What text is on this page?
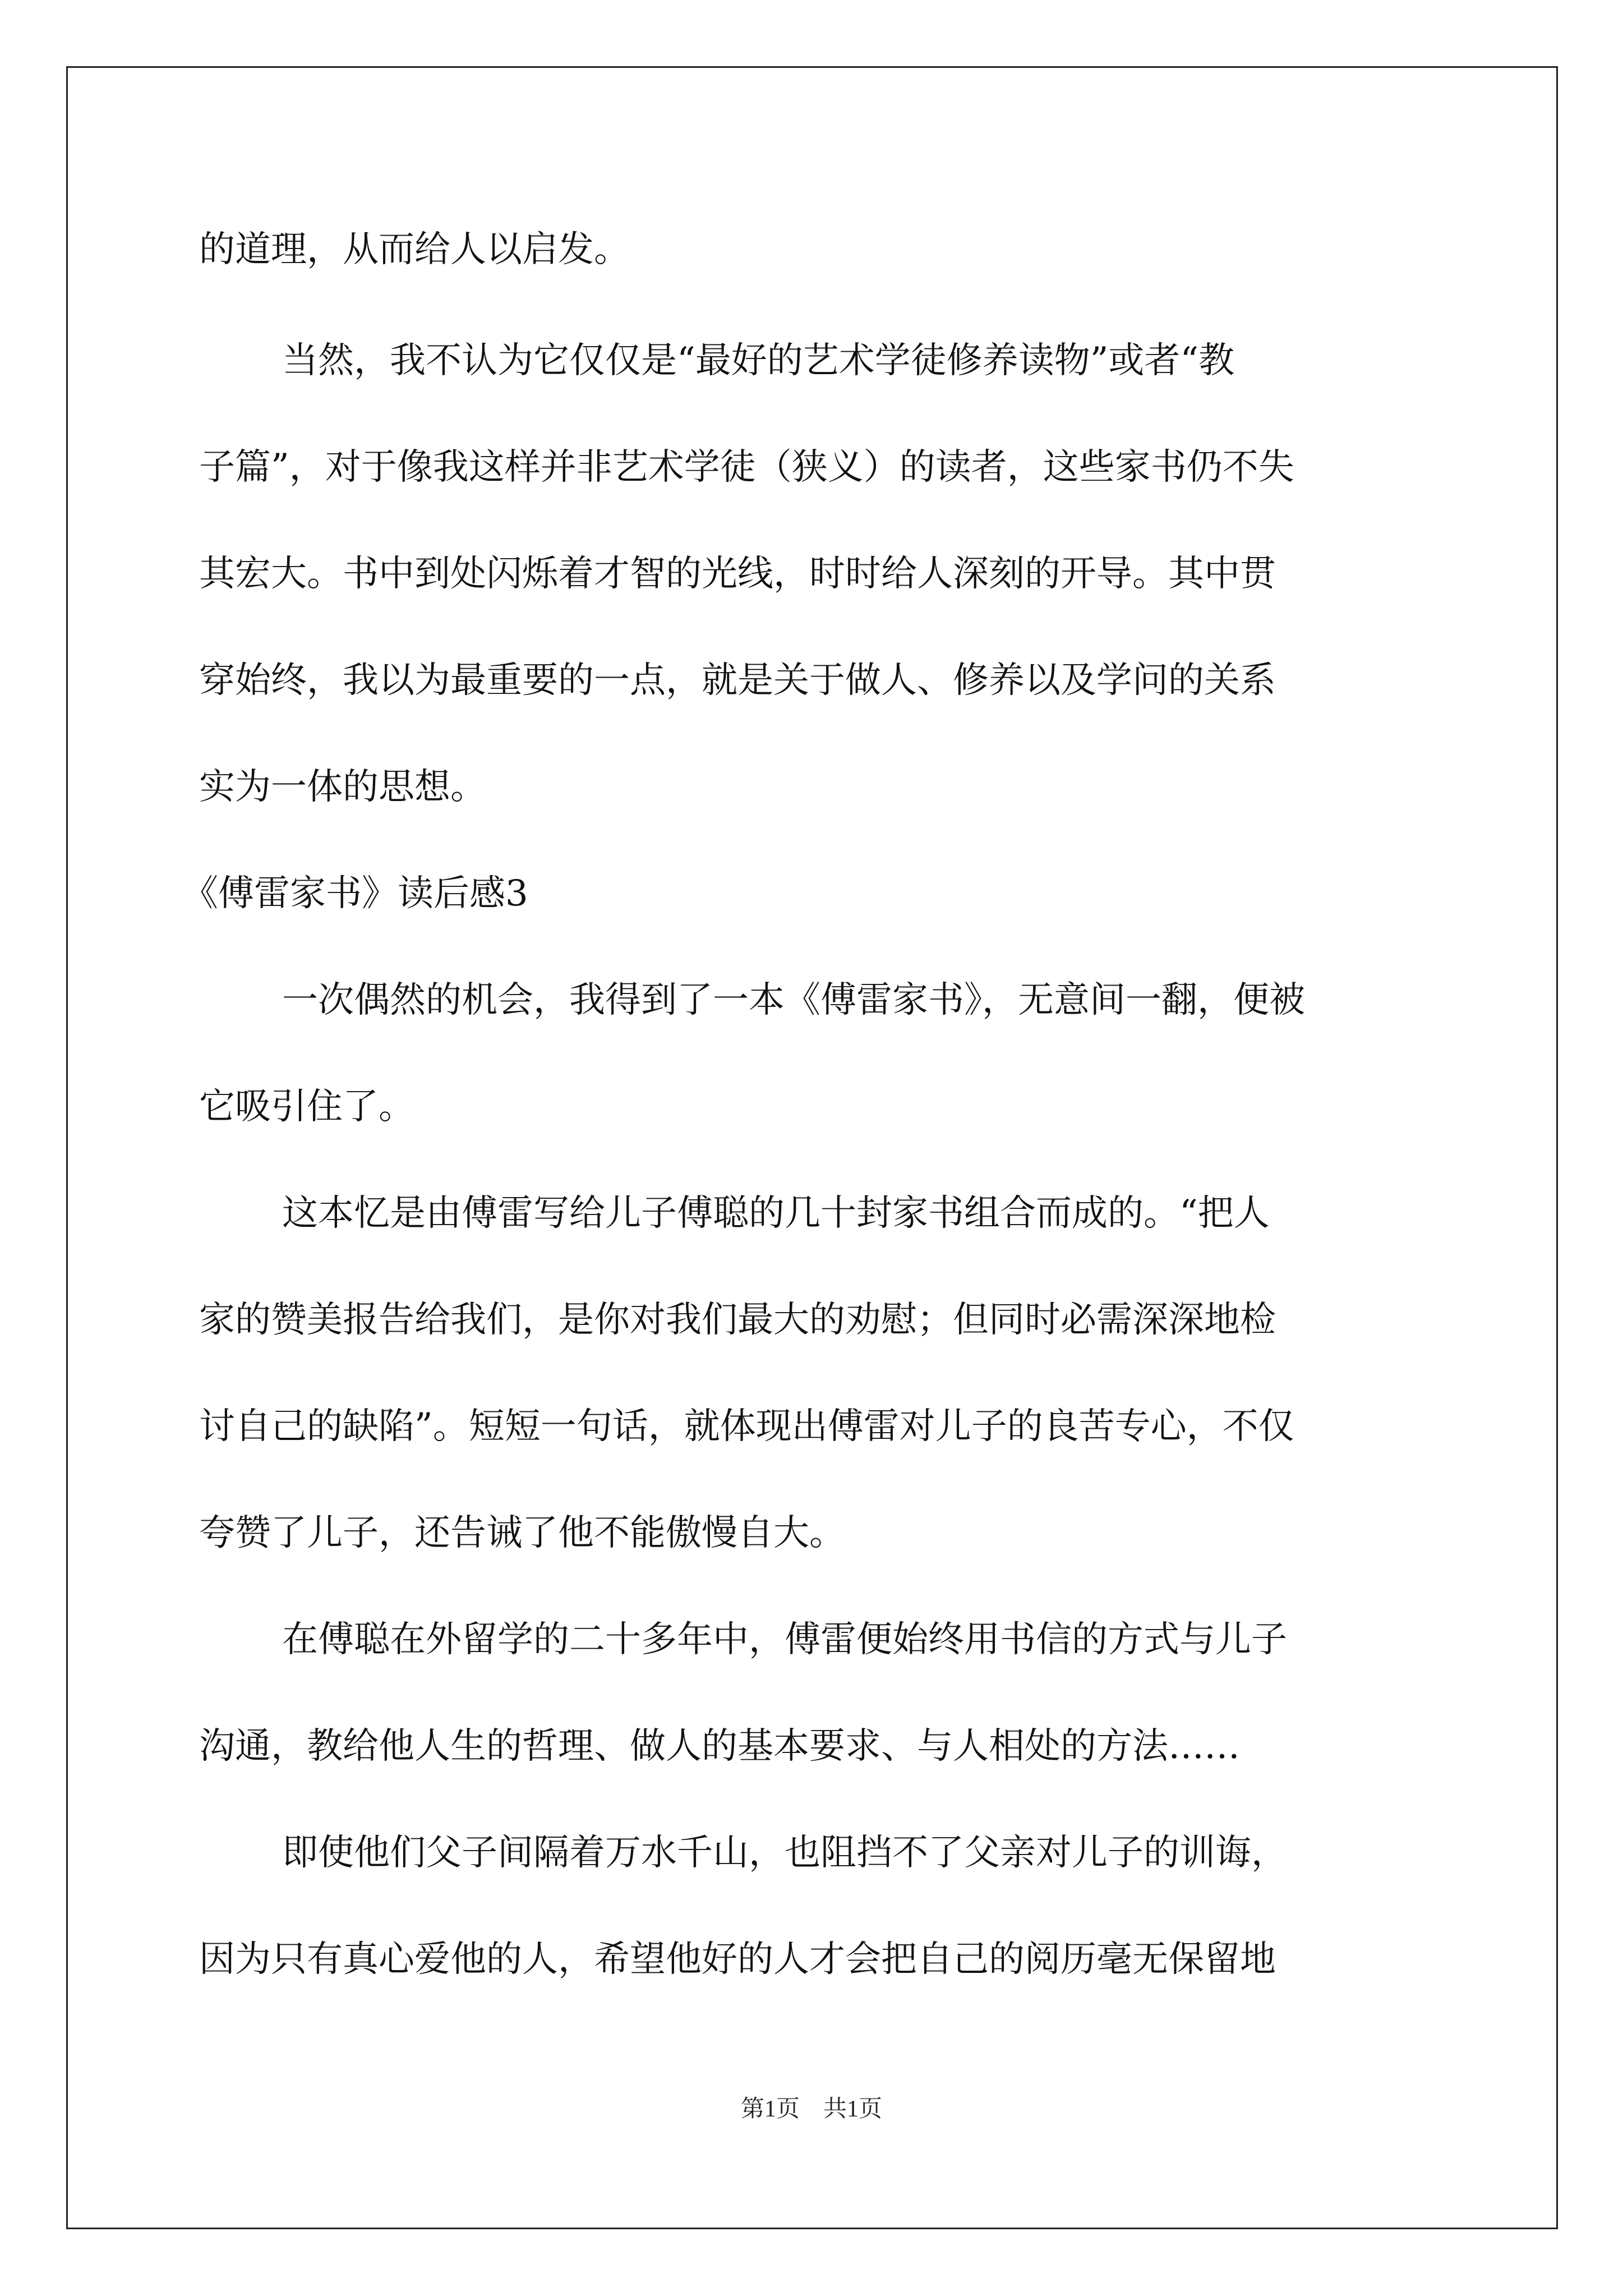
的道理，从而给人以启发。
当然，我不认为它仅仅是“最好的艺术学徒修养读物”或者“教
子篇”，对于像我这样并非艺术学徒（狭义）的读者，这些家书仍不失
其宏大。书中到处闪烁着才智的光线，时时给人深刻的开导。其中贯
穿始终，我以为最重要的一点，就是关于做人、修养以及学问的关系
实为一体的思想。
《傅雷家书》读后感3
一次偶然的机会，我得到了一本《傅雷家书》，无意间一翻，便被
它吸引住了。
这本忆是由傅雷写给儿子傅聪的几十封家书组合而成的。“把人
家的赞美报告给我们，是你对我们最大的劝慰；但同时必需深深地检
讨自己的缺陷”。短短一句话，就体现出傅雷对儿子的良苦专心，不仅
夸赞了儿子，还告诫了他不能傲慢自大。
在傅聪在外留学的二十多年中，傅雷便始终用书信的方式与儿子
沟通，教给他人生的哲理、做人的基本要求、与人相处的方法……
即使他们父子间隔着万水千山，也阻挡不了父亲对儿子的训诲，
因为只有真心爱他的人，希望他好的人才会把自己的阅历毫无保留地
第1页　共1页
